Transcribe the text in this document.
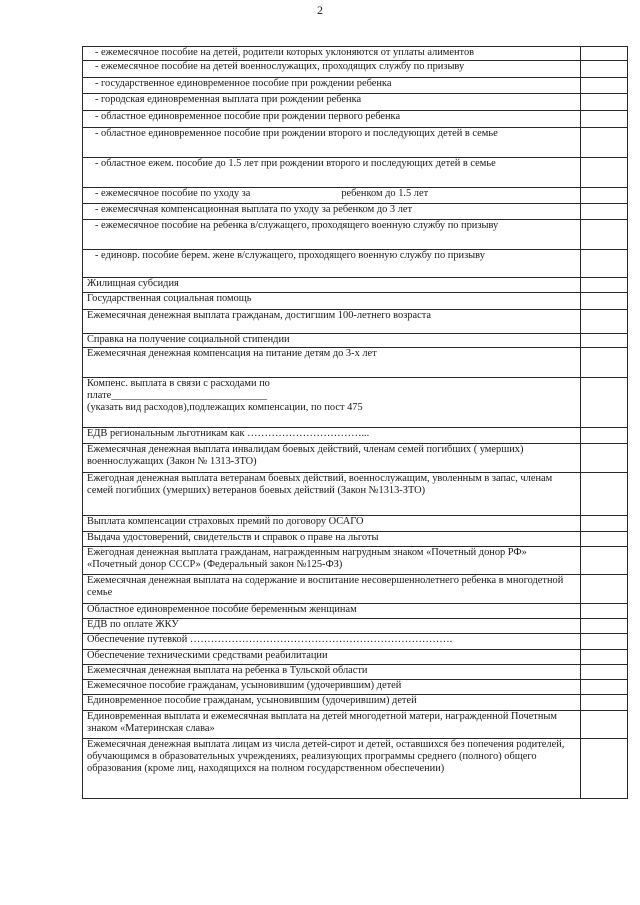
2
- ежемесячное пособие на детей, родители которых уклоняются от уплаты алиментов	
- ежемесячное пособие на детей военнослужащих, проходящих службу по призыву	
- государственное единовременное пособие при рождении ребенка	
- городская единовременная выплата при рождении ребенка	
- областное единовременное пособие при рождении первого ребенка	
- областное единовременное пособие при рождении второго и последующих детей в семье	
- областное ежем. пособие до 1.5 лет при рождении второго и последующих детей в семье	
- ежемесячное пособие по уходу за                                   ребенком до 1.5 лет	
- ежемесячная компенсационная выплата по уходу за ребенком до 3 лет	
- ежемесячное пособие на ребенка в/служащего, проходящего военную службу по призыву	
- единовр. пособие берем. жене в/служащего, проходящего военную службу по призыву	
Жилищная субсидия	
Государственная социальная помощь	
Ежемесячная денежная выплата гражданам, достигшим 100-летнего возраста	
Справка на получение социальной стипендии	
Ежемесячная денежная компенсация на питание детям до 3-х лет	
Компенс. выплата в связи с расходами по
плате______________________________
(указать вид расходов),подлежащих компенсации, по пост 475	
ЕДВ региональным льготникам как ……………………………...	
Ежемесячная денежная выплата инвалидам боевых действий, членам семей погибших ( умерших) военнослужащих (Закон № 1313-ЗТО)	
Ежегодная денежная выплата ветеранам боевых действий, военнослужащим, уволенным в запас, членам семей погибших (умерших) ветеранов боевых действий (Закон №1313-ЗТО)	
Выплата компенсации страховых премий по договору ОСАГО	
Выдача удостоверений, свидетельств и справок о праве на льготы	
Ежегодная денежная выплата гражданам, награжденным нагрудным знаком «Почетный донор РФ» «Почетный донор СССР» (Федеральный закон №125-ФЗ)	
Ежемесячная денежная выплата на содержание и воспитание несовершеннолетнего ребенка в многодетной семье	
Областное единовременное пособие беременным женщинам	
ЕДВ по оплате ЖКУ	
Обеспечение путевкой ………………………………………………………………….	
Обеспечение техническими средствами реабилитации	
Ежемесячная денежная выплата на ребенка в Тульской области	
Ежемесячное пособие гражданам, усыновившим (удочерившим) детей	
Единовременное пособие гражданам, усыновившим (удочерившим) детей	
Единовременная выплата и ежемесячная выплата на детей многодетной матери, награжденной Почетным знаком «Материнская слава»	
Ежемесячная денежная выплата лицам из числа детей-сирот и детей, оставшихся без попечения родителей, обучающимся в образовательных учреждениях, реализующих программы среднего (полного) общего образования (кроме лиц, находящихся на полном государственном обеспечении)	
